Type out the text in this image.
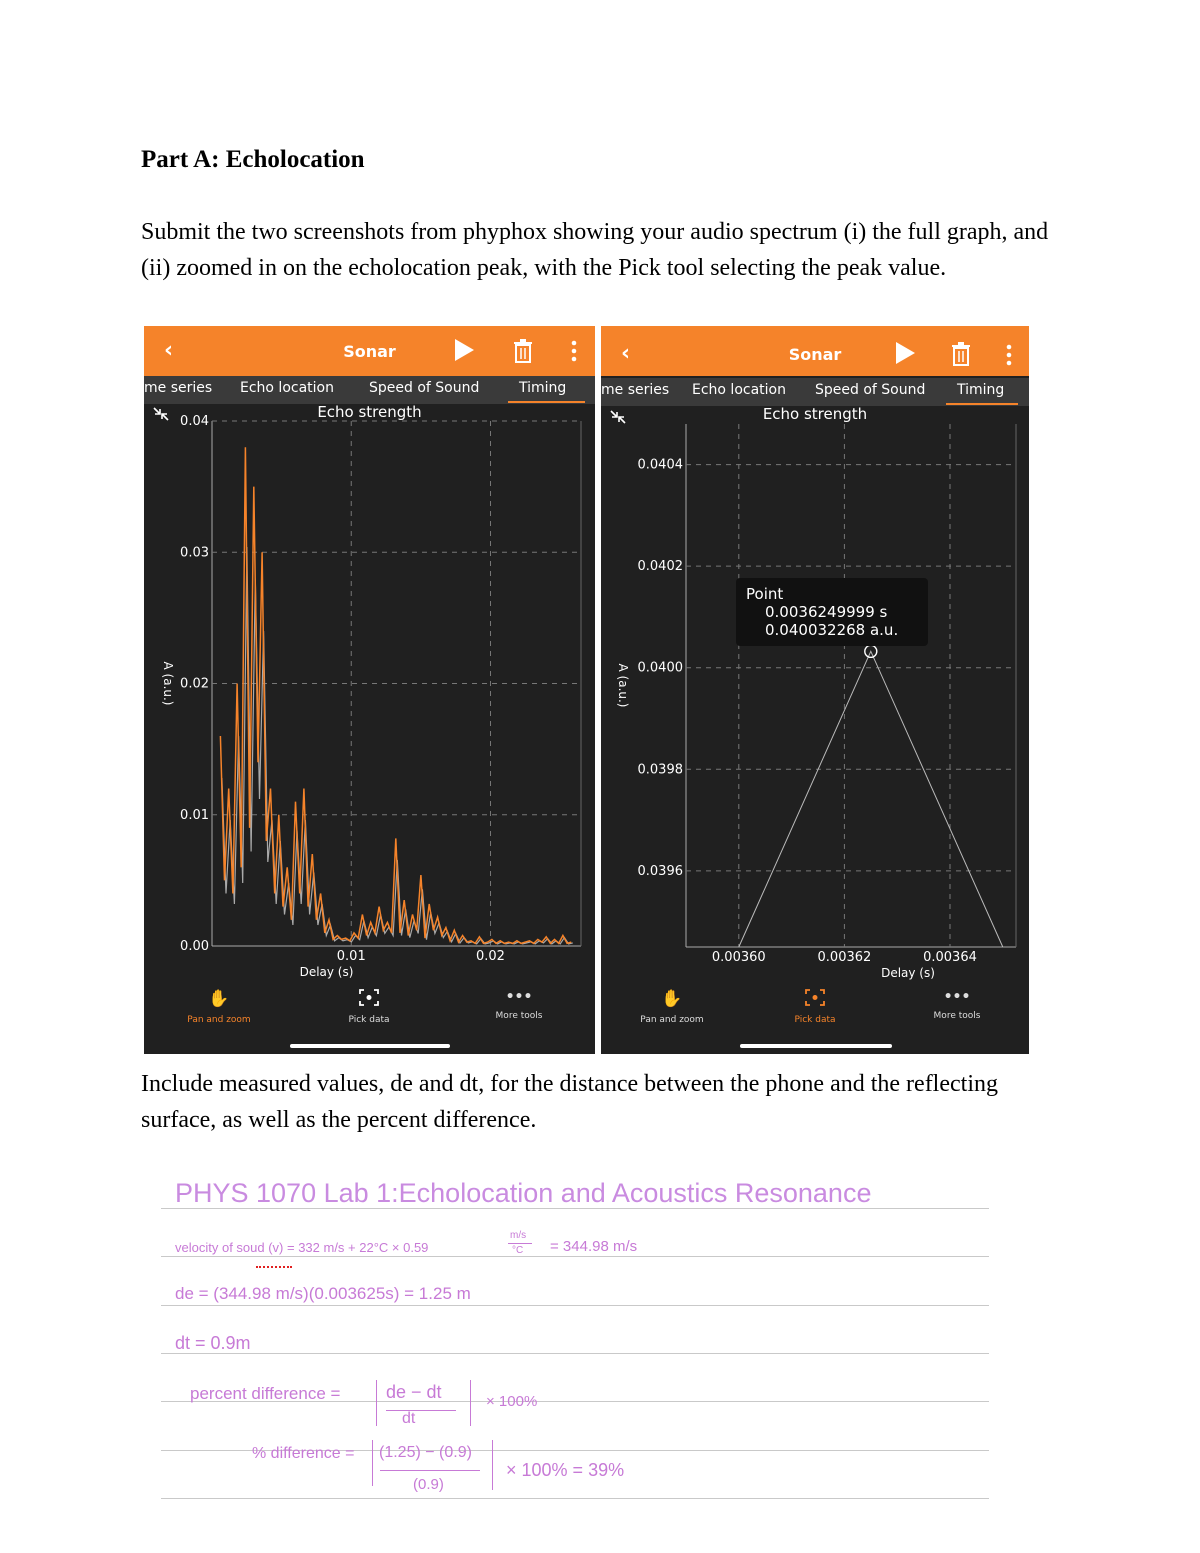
Part A: Echolocation
Submit the two screenshots from phyphox showing your audio spectrum (i) the full graph, and (ii) zoomed in on the echolocation peak, with the Pick tool selecting the peak value.
‹	Sonar
me series Echo location	Speed of Sound	Timing
Echo strength
0.04
0.03
0.02
0.01
0.00
0.01	0.02
Delay (s)
A (a.u.)
✋
Pan and zoom	Pick data
•••
More tools
‹	Sonar
me series Echo location Speed of Sound Timing
Echo strength
0.0404
0.0402
0.0400
0.0398
0.0396
0.00360	0.00362	0.00364
Delay (s)
A (a.u.)
Point
0.0036249999 s
0.040032268 a.u.
✋
Pan and zoom	Pick data
•••
More tools
Include measured values, de and dt, for the distance between the phone and the reflecting surface, as well as the percent difference.
PHYS 1070 Lab 1:Echolocation and Acoustics Resonance
velocity of soud (v) = 332 m/s + 22°C × 0.59
m/s
°C = 344.98 m/s
de = (344.98 m/s)(0.003625s) = 1.25 m
dt = 0.9m
percent difference =	de − dt
dt
× 100%
% difference = (1.25) − (0.9)
(0.9)
× 100% = 39%
